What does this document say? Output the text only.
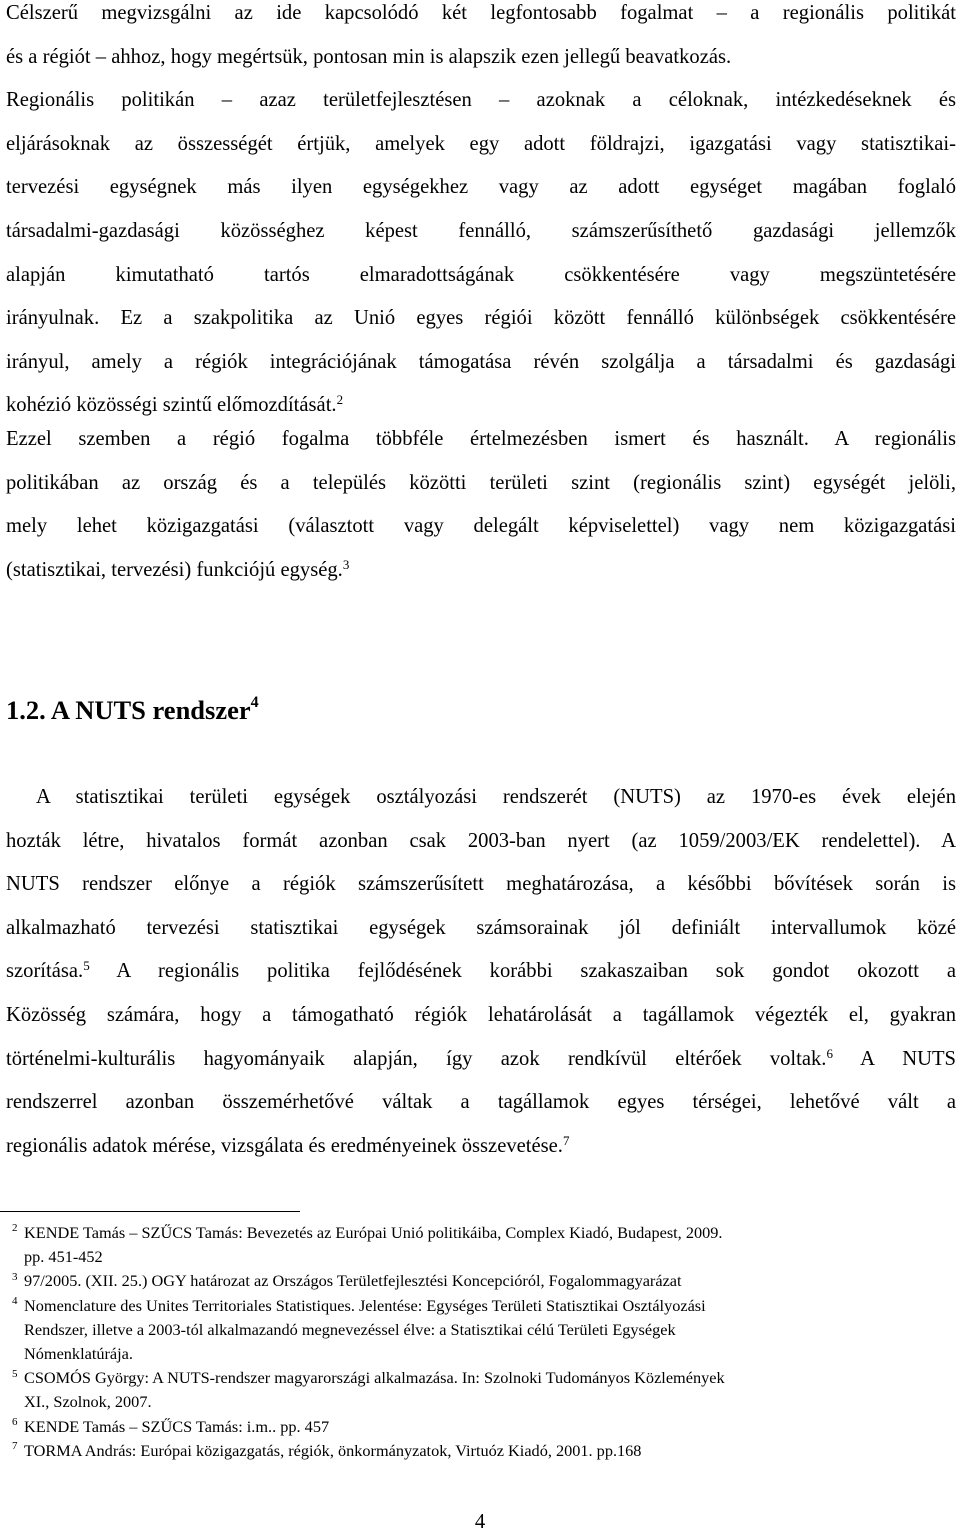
Célszerű megvizsgálni az ide kapcsolódó két legfontosabb fogalmat – a regionális politikát
és a régiót – ahhoz, hogy megértsük, pontosan min is alapszik ezen jellegű beavatkozás.
Regionális politikán – azaz területfejlesztésen – azoknak a céloknak, intézkedéseknek és
eljárásoknak az összességét értjük, amelyek egy adott földrajzi, igazgatási vagy statisztikai-
tervezési egységnek más ilyen egységekhez vagy az adott egységet magában foglaló
társadalmi-gazdasági közösséghez képest fennálló, számszerűsíthető gazdasági jellemzők
alapján kimutatható tartós elmaradottságának csökkentésére vagy megszüntetésére
irányulnak. Ez a szakpolitika az Unió egyes régiói között fennálló különbségek csökkentésére
irányul, amely a régiók integrációjának támogatása révén szolgálja a társadalmi és gazdasági
kohézió közösségi szintű előmozdítását.$^2$
Ezzel szemben a régió fogalma többféle értelmezésben ismert és használt. A regionális
politikában az ország és a település közötti területi szint (regionális szint) egységét jelöli,
mely lehet közigazgatási (választott vagy delegált képviselettel) vagy nem közigazgatási
(statisztikai, tervezési) funkciójú egység.$^3$
1.2. A NUTS rendszer$^4$
A statisztikai területi egységek osztályozási rendszerét (NUTS) az 1970-es évek elején
hozták létre, hivatalos formát azonban csak 2003-ban nyert (az 1059/2003/EK rendelettel). A
NUTS rendszer előnye a régiók számszerűsített meghatározása, a későbbi bővítések során is
alkalmazható tervezési statisztikai egységek számsorainak jól definiált intervallumok közé
szorítása.$^5$ A regionális politika fejlődésének korábbi szakaszaiban sok gondot okozott a
Közösség számára, hogy a támogatható régiók lehatárolását a tagállamok végezték el, gyakran
történelmi-kulturális hagyományaik alapján, így azok rendkívül eltérőek voltak.$^6$ A NUTS
rendszerrel azonban összemérhetővé váltak a tagállamok egyes térségei, lehetővé vált a
regionális adatok mérése, vizsgálata és eredményeinek összevetése.$^7$

$^2$ KENDE Tamás – SZŰCS Tamás: Bevezetés az Európai Unió politikáiba, Complex Kiadó, Budapest, 2009.

pp. 451-452

$^3$ 97/2005. (XII. 25.) OGY határozat az Országos Területfejlesztési Koncepcióról, Fogalommagyarázat

$^4$ Nomenclature des Unites Territoriales Statistiques. Jelentése: Egységes Területi Statisztikai Osztályozási

Rendszer, illetve a 2003-tól alkalmazandó megnevezéssel élve: a Statisztikai célú Területi Egységek

Nómenklatúrája.

$^5$ CSOMÓS György: A NUTS-rendszer magyarországi alkalmazása. In: Szolnoki Tudományos Közlemények

XI., Szolnok, 2007.

$^6$ KENDE Tamás – SZŰCS Tamás: i.m.. pp. 457

$^7$ TORMA András: Európai közigazgatás, régiók, önkormányzatok, Virtuóz Kiadó, 2001. pp.168

4
